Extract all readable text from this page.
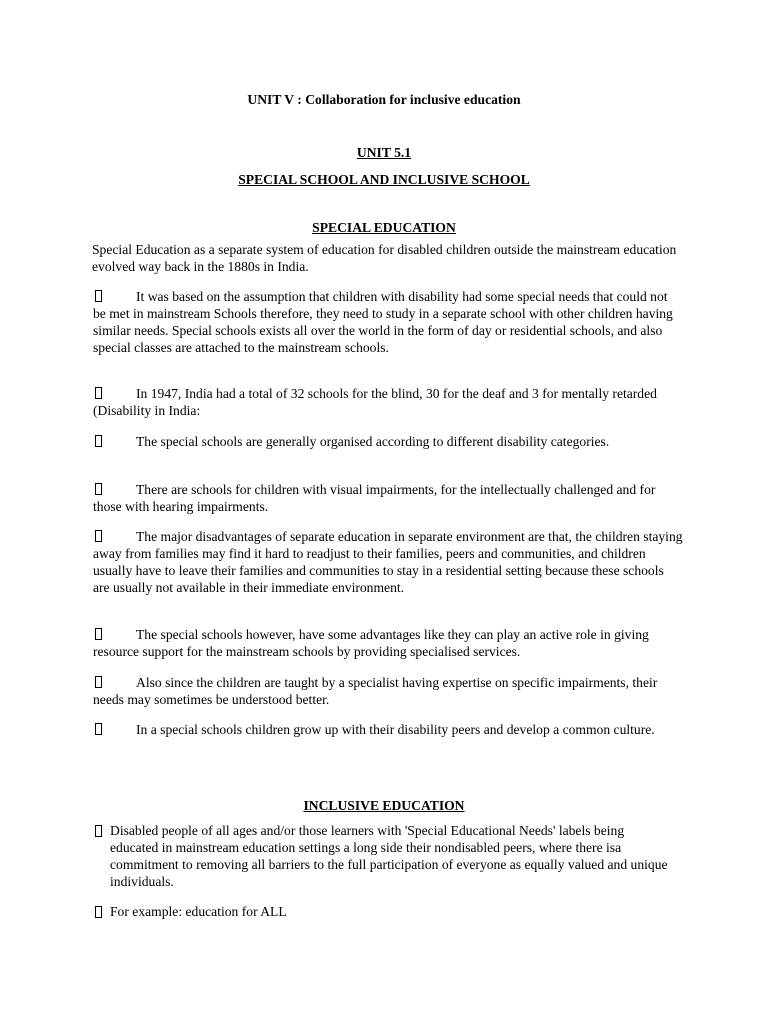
UNIT V : Collaboration for inclusive education
UNIT 5.1
SPECIAL SCHOOL AND INCLUSIVE SCHOOL
SPECIAL EDUCATION
Special Education as a separate system of education for disabled children outside the mainstream education evolved way back in the 1880s in India.
It was based on the assumption that children with disability had some special needs that could not be met in mainstream Schools therefore, they need to study in a separate school with other children having similar needs. Special schools exists all over the world in the form of day or residential schools, and also special classes are attached to the mainstream schools.
In 1947, India had a total of 32 schools for the blind, 30 for the deaf and 3 for mentally retarded (Disability in India:
The special schools are generally organised according to different disability categories.
There are schools for children with visual impairments, for the intellectually challenged and for those with hearing impairments.
The major disadvantages of separate education in separate environment are that, the children staying away from families may find it hard to readjust to their families, peers and communities, and children usually have to leave their families and communities to stay in a residential setting because these schools are usually not available in their immediate environment.
The special schools however, have some advantages like they can play an active role in giving resource support for the mainstream schools by providing specialised services.
Also since the children are taught by a specialist having expertise on specific impairments, their needs may sometimes be understood better.
In a special schools children grow up with their disability peers and develop a common culture.
INCLUSIVE EDUCATION
Disabled people of all ages and/or those learners with 'Special Educational Needs' labels being educated in mainstream education settings a long side their nondisabled peers, where there isa commitment to removing all barriers to the full participation of everyone as equally valued and unique individuals.
For example: education for ALL
